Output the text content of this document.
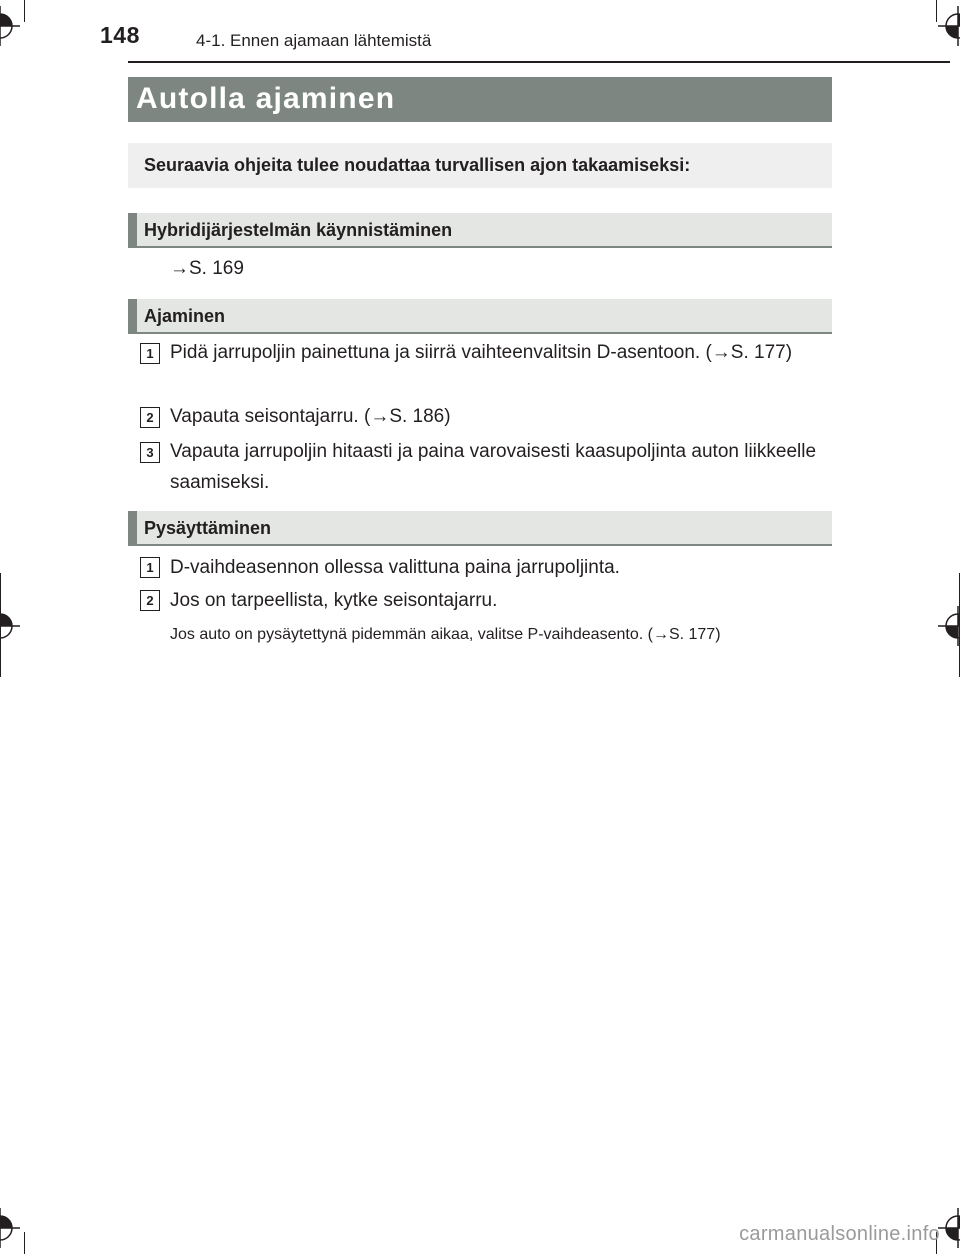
148	4-1. Ennen ajamaan lähtemistä
Autolla ajaminen
Seuraavia ohjeita tulee noudattaa turvallisen ajon takaamiseksi:
Hybridijärjestelmän käynnistäminen
→S. 169
Ajaminen
1 Pidä jarrupoljin painettuna ja siirrä vaihteenvalitsin D-asentoon. (→S. 177)
2 Vapauta seisontajarru. (→S. 186)
3 Vapauta jarrupoljin hitaasti ja paina varovaisesti kaasupoljinta auton liikkeelle saamiseksi.
Pysäyttäminen
1 D-vaihdeasennon ollessa valittuna paina jarrupoljinta.
2 Jos on tarpeellista, kytke seisontajarru.
Jos auto on pysäytettynä pidemmän aikaa, valitse P-vaihdeasento. (→S. 177)
carmanualsonline.info
